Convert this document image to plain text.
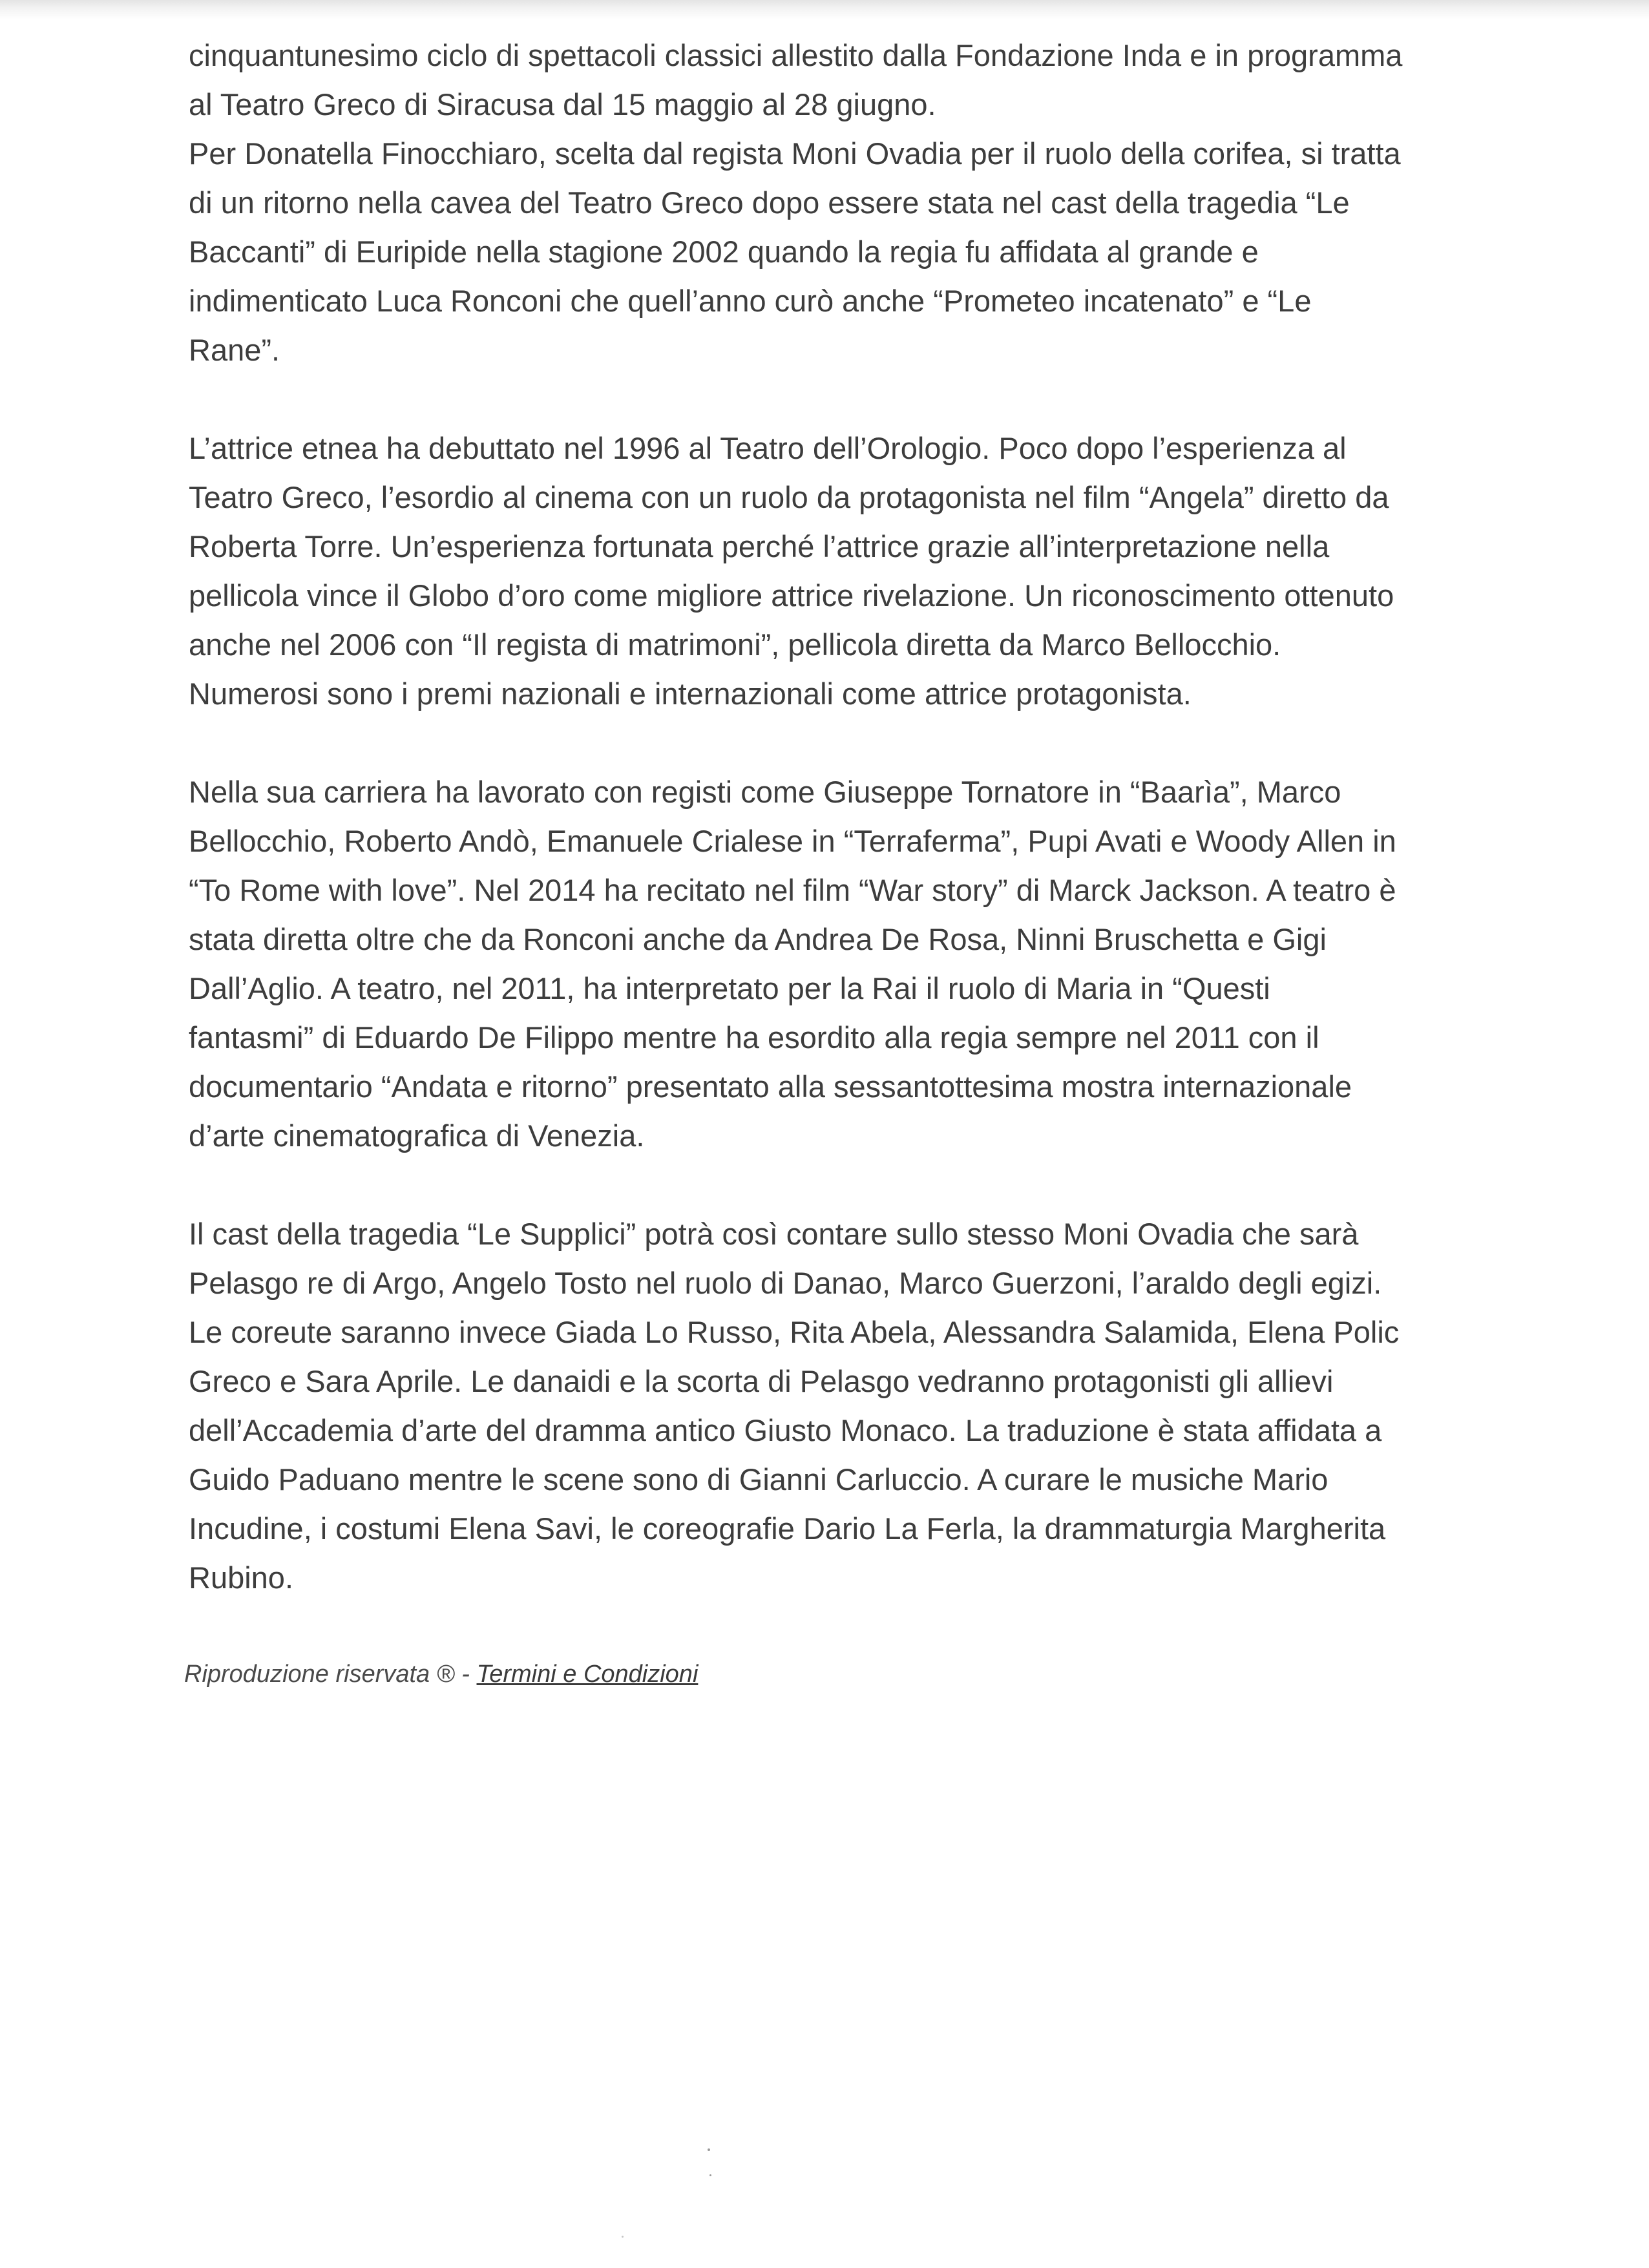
cinquantunesimo ciclo di spettacoli classici allestito dalla Fondazione Inda e in programma
al Teatro Greco di Siracusa dal 15 maggio al 28 giugno.
Per Donatella Finocchiaro, scelta dal regista Moni Ovadia per il ruolo della corifea, si tratta
di un ritorno nella cavea del Teatro Greco dopo essere stata nel cast della tragedia “Le
Baccanti” di Euripide nella stagione 2002 quando la regia fu affidata al grande e
indimenticato Luca Ronconi che quell’anno curò anche “Prometeo incatenato” e “Le
Rane”.
L’attrice etnea ha debuttato nel 1996 al Teatro dell’Orologio. Poco dopo l’esperienza al
Teatro Greco, l’esordio al cinema con un ruolo da protagonista nel film “Angela” diretto da
Roberta Torre. Un’esperienza fortunata perché l’attrice grazie all’interpretazione nella
pellicola vince il Globo d’oro come migliore attrice rivelazione. Un riconoscimento ottenuto
anche nel 2006 con “Il regista di matrimoni”, pellicola diretta da Marco Bellocchio.
Numerosi sono i premi nazionali e internazionali come attrice protagonista.
Nella sua carriera ha lavorato con registi come Giuseppe Tornatore in “Baarìa”, Marco
Bellocchio, Roberto Andò, Emanuele Crialese in “Terraferma”, Pupi Avati e Woody Allen in
“To Rome with love”. Nel 2014 ha recitato nel film “War story” di Marck Jackson. A teatro è
stata diretta oltre che da Ronconi anche da Andrea De Rosa, Ninni Bruschetta e Gigi
Dall’Aglio. A teatro, nel 2011, ha interpretato per la Rai il ruolo di Maria in “Questi
fantasmi” di Eduardo De Filippo mentre ha esordito alla regia sempre nel 2011 con il
documentario “Andata e ritorno” presentato alla sessantottesima mostra internazionale
d’arte cinematografica di Venezia.
Il cast della tragedia “Le Supplici” potrà così contare sullo stesso Moni Ovadia che sarà
Pelasgo re di Argo, Angelo Tosto nel ruolo di Danao, Marco Guerzoni, l’araldo degli egizi.
Le coreute saranno invece Giada Lo Russo, Rita Abela, Alessandra Salamida, Elena Polic
Greco e Sara Aprile. Le danaidi e la scorta di Pelasgo vedranno protagonisti gli allievi
dell’Accademia d’arte del dramma antico Giusto Monaco. La traduzione è stata affidata a
Guido Paduano mentre le scene sono di Gianni Carluccio. A curare le musiche Mario
Incudine, i costumi Elena Savi, le coreografie Dario La Ferla, la drammaturgia Margherita
Rubino.
Riproduzione riservata ® - Termini e Condizioni
